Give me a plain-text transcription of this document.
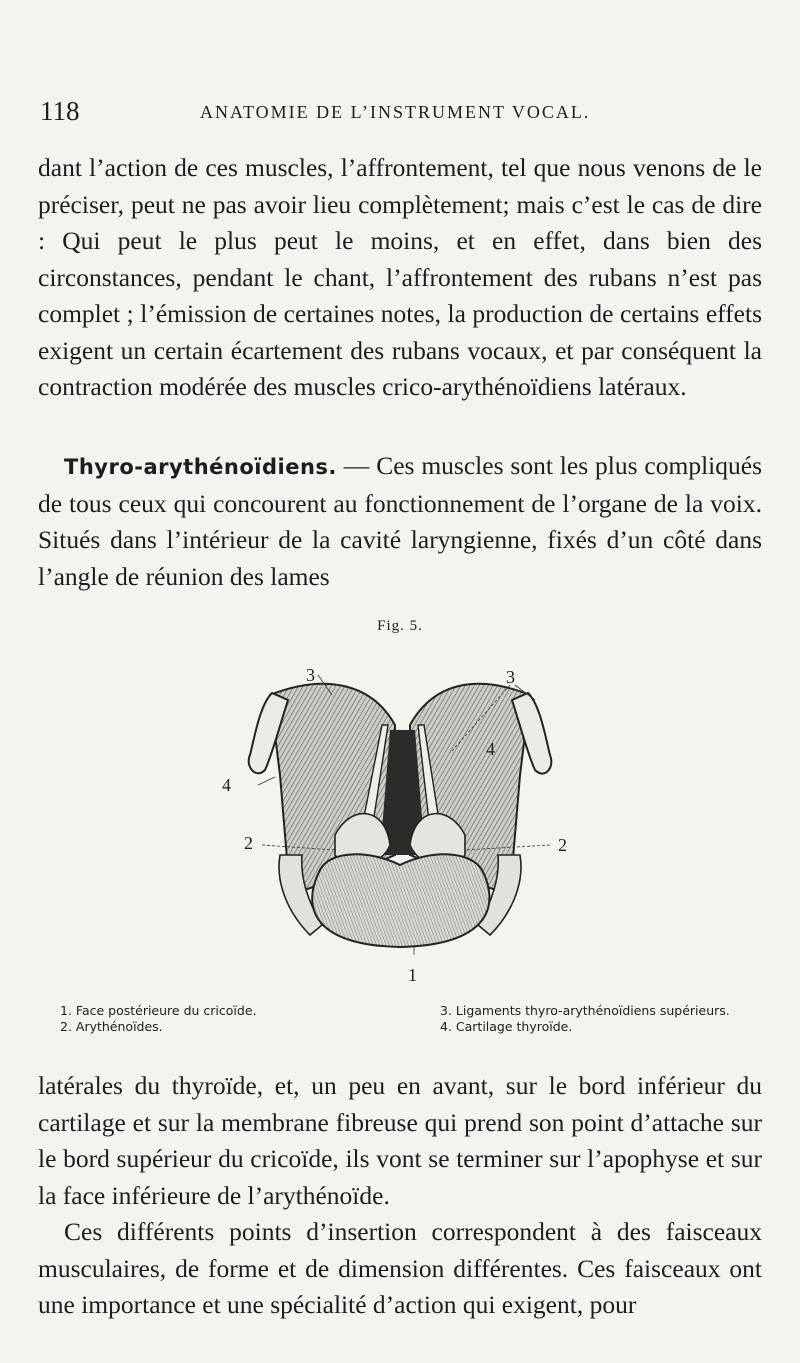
118	ANATOMIE DE L’INSTRUMENT VOCAL.
dant l’action de ces muscles, l’affrontement, tel que nous venons de le préciser, peut ne pas avoir lieu complètement; mais c’est le cas de dire : Qui peut le plus peut le moins, et en effet, dans bien des circonstances, pendant le chant, l’affrontement des rubans n’est pas complet ; l’émission de certaines notes, la production de certains effets exigent un certain écartement des rubans vocaux, et par conséquent la contraction modérée des muscles crico-arythénoïdiens latéraux.
Thyro-arythénoïdiens. — Ces muscles sont les plus compliqués de tous ceux qui concourent au fonctionnement de l’organe de la voix. Situés dans l’intérieur de la cavité laryngienne, fixés d’un côté dans l’angle de réunion des lames
Fig. 5.
3	3
4
4
2	2
1
1. Face postérieure du cricoïde.
2. Arythénoïdes.
3. Ligaments thyro-arythénoïdiens supérieurs.
4. Cartilage thyroïde.
latérales du thyroïde, et, un peu en avant, sur le bord inférieur du cartilage et sur la membrane fibreuse qui prend son point d’attache sur le bord supérieur du cricoïde, ils vont se terminer sur l’apophyse et sur la face inférieure de l’arythénoïde.
Ces différents points d’insertion correspondent à des faisceaux musculaires, de forme et de dimension différentes. Ces faisceaux ont une importance et une spécialité d’action qui exigent, pour
